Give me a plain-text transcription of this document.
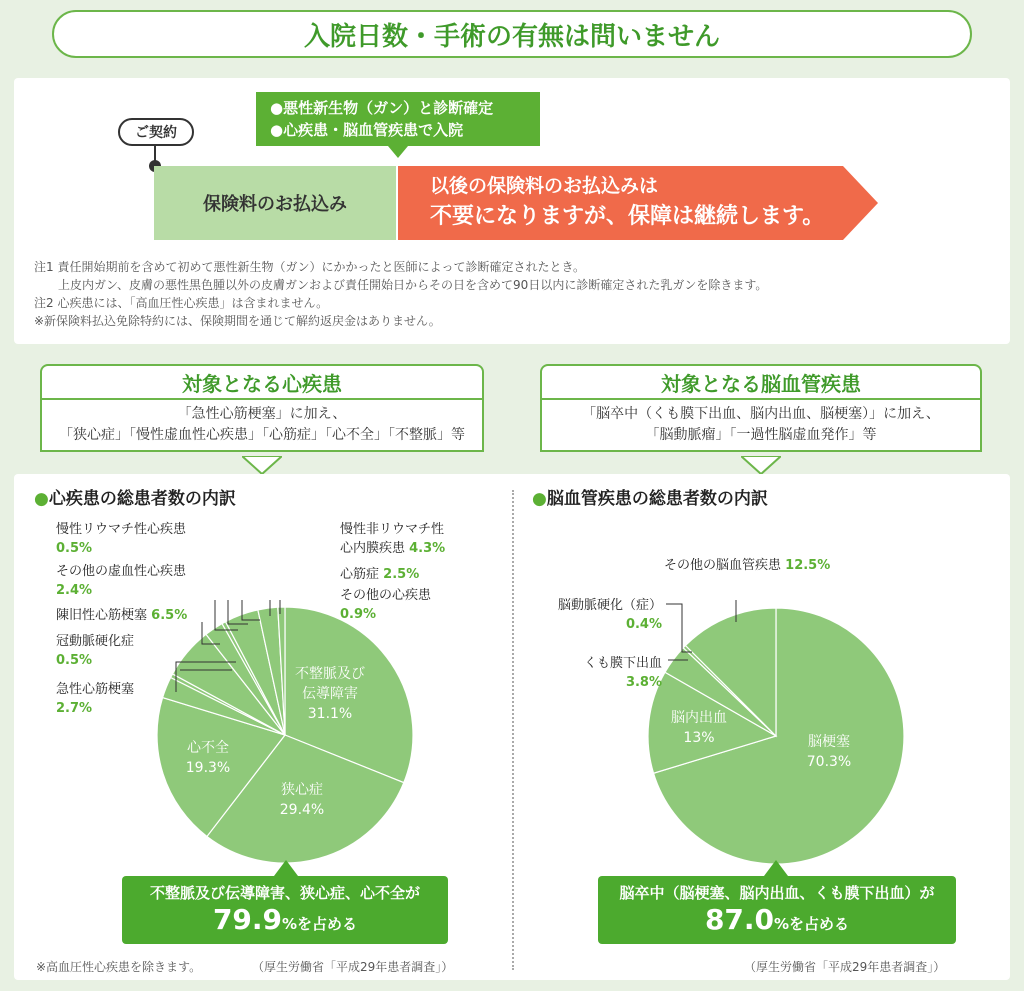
入院日数・手術の有無は問いません
ご契約
●悪性新生物（ガン）と診断確定
●心疾患・脳血管疾患で入院
保険料のお払込み
以後の保険料のお払込みは
不要になりますが、保障は継続します。
注1 責任開始期前を含めて初めて悪性新生物（ガン）にかかったと医師によって診断確定されたとき。
　　上皮内ガン、皮膚の悪性黒色腫以外の皮膚ガンおよび責任開始日からその日を含めて90日以内に診断確定された乳ガンを除きます。
注2 心疾患には、「高血圧性心疾患」は含まれません。
※新保険料払込免除特約には、保険期間を通じて解約返戻金はありません。
対象となる心疾患
「急性心筋梗塞」に加え、
「狭心症」「慢性虚血性心疾患」「心筋症」「心不全」「不整脈」等
対象となる脳血管疾患
「脳卒中（くも膜下出血、脳内出血、脳梗塞）」に加え、
「脳動脈瘤」「一過性脳虚血発作」等
●心疾患の総患者数の内訳
慢性リウマチ性心疾患
0.5%
その他の虚血性心疾患
2.4%
陳旧性心筋梗塞 6.5%
冠動脈硬化症
0.5%
急性心筋梗塞
2.7%
慢性非リウマチ性
心内膜疾患 4.3%
心筋症 2.5%
その他の心疾患
0.9%
不整脈及び
伝導障害
31.1%
狭心症
29.4%
心不全
19.3%
不整脈及び伝導障害、狭心症、心不全が
79.9%を占める
※高血圧性心疾患を除きます。	（厚生労働省「平成29年患者調査」）
●脳血管疾患の総患者数の内訳
その他の脳血管疾患 12.5%
脳動脈硬化（症）
0.4%
くも膜下出血
3.8%
脳内出血
13%	脳梗塞
70.3%
脳卒中（脳梗塞、脳内出血、くも膜下出血）が
87.0%を占める
（厚生労働省「平成29年患者調査」）
